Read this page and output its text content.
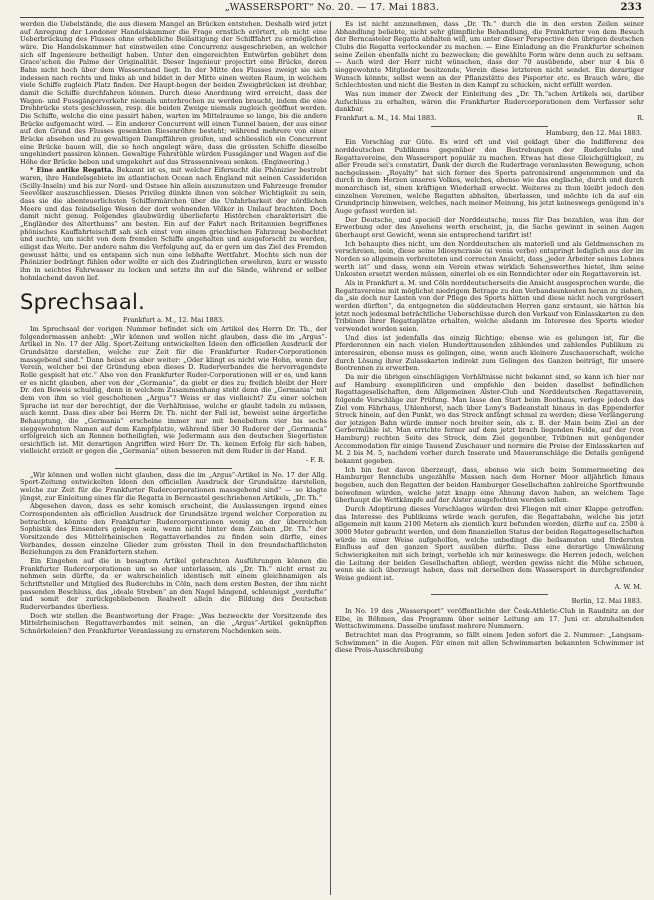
„WASSERSPORT“ No. 20. — 17. Mai 1883.	233

werden die Uebelstände, die aus diesem Mangel an Brücken entstehen. Deshalb wird jetzt auf Anregung der Londoner Handelskammer die Frage ernstlich erörtert, ob nicht eine Ueberbrückung des Flusses ohne erhebliche Beläsitigung der Schifffahrt zu ermöglichen wäre. Die Handelskammer hat einstweilen eine Concurrenz ausgeschrieben, an welcher sich elf Ingenieure betheiligt haben. Unter den eingereichten Entwürfen gebührt dem Grace'schen die Palme der Originalität. Dieser Ingenieur projectirt eine Brücke, deren Bahn nicht hoch über dem Wasserstand liegt. In der Mitte des Flusses zweigt sie sich indessen nach rechts und links ab und bildet in der Mitte einen weiten Raum, in welchem viele Schiffe zugleich Platz finden. Der Haupt-bogen der beiden Zweigbrücken ist drehbar, damit die Schiffe durchfahren können. Durch diese Anordnung wird erreicht, dass der Wagen- und Fussgängerverkehr niemals unterbrochen zu werden braucht, indem die eine Drehbrücke stets geschlossen, resp. die beiden Zweige niemals zugleich geöffnet werden. Die Schiffe, welche die eine passirt haben, warten im Mittelraume so lange, bis die andere Brücke aufgemacht wird. — Ein anderer Concurrent will einen Tunnel bauen, der aus einer auf den Grund des Flusses gesenkten Riesenröhre besteht; während mehrere von einer Brücke absehen und zu gewaltigen Dampffähren greifen, und schliesslich ein Concurrent eine Brücke bauen will, die so hoch angelegt wäre, dass die grössten Schiffe dieselbe ungehindert passiren können. Gewaltige Fahrstühle würden Fussgänger und Wagen auf die Höhe der Brücke heben und umgekehrt auf das Strassenniveau senken. (Engineering.)

* Eine antike Regatta. Bekannt ist es, mit welcher Eifersucht die Phönizier bestrebt waren, ihre Handelsgebiete im atlantischen Ocean nach England mit seinen Cassideriden (Scilly-Inseln) und bis zur Nord- und Ostsee hin allein auszunutzen und Fahrzeuge fremder Seevölker auszuschliessen. Dieses Privileg dünkte ihnen von solcher Wichtigkeit zu sein, dass sie die abenteuerlichsten Schiffermärchen über die Unfahrbarkeit der nördlichen Meere und das feindselige Wesen der dort wohnenden Völker in Umlauf brachten. Doch damit nicht genug. Folgendes glaubwürdig überlieferte Histörchen charakterisirt die „Engländer des Alterthums“ am besten. Ein auf der Fahrt nach Britannien begriffenes phönisches Kauffahrteischiff sah sich einst von einem griechischen Fahrzeug beobachtet und suchte, um nicht von dem fremden Schiffe angehalten und ausgeforscht zu werden, eiligst das Weite. Der andere nahm die Verfolgung auf, da er gern um das Ziel des Fremden gewusst hätte, und es entspann sich nun eine lebhafte Wettfahrt. Mochte sich nun der Phönizier bedrängt fühlen oder wollte er sich des Zudringlichen erwehren, kurz er wusste ihn in seichtes Fahrwasser zu locken und setzte ihn auf die Sände, während er selber hohnlachend davon lief.

Sprechsaal.
Frankfurt a. M., 12. Mai 1883.

Im Sprechsaal der vorigen Nummer befindet sich ein Artikel des Herrn Dr. Th., der folgendermassen anhebt: „Wir können und wollen nicht glauben, dass die im „Argus“-Artikel in No. 17 der Allg. Sport-Zeitung entwickelten Ideen den officiellen Ausdruck der Grundsätze darstellen, welche zur Zeit für die Frankfurter Ruder-Corporationen massgebend sind.“ Dann heisst es aber weiter: „Oder klingt es nicht wie Hohn, wenn der Verein, welcher bei der Gründung eben dieses D. Ruderverbandes die hervorragendste Rolle gespielt hat etc.“ Also von den Frankfurter Ruder-Corporationen will er es, und kann er es nicht glauben, aber von der „Germania“, da giebt er dies zu; freilich bleibt der Herr Dr. den Beweis schuldig, denn in welchem Zusammenhang steht denn die „Germania“ mit dem von ihm so viel gescholtenen „Argus“? Weiss er das vielleicht? Zu einer solchen Sprache ist nur der berechtigt, der die Verhältnisse, welche er glaubt tadeln zu müssen, auch kennt. Dass dies aber bei Herrn Dr. Th. nicht der Fall ist, beweist seine ärgerliche Behauptung, die „Germania“ erscheine immer nur mit benebeltem vier bis sechs sieggewohnten Namen auf dem Kampfplatze, während über 30 Ruderer der „Germania“ erfolgreich sich an Rennen betheiligten, wie Jedermann aus den deutschen Siegerlisten ersichtlich ist. Mit derartigen Angriffen wird Herr Dr. Th. keinen Erfolg für sich haben, vielleicht erzielt er gegen die „Germania“ einen besseren mit dem Ruder in der Hand.

- F. R.

„Wir können und wollen nicht glauben, dass die im „Argus“-Artikel in No. 17 der Allg. Sport-Zeitung entwickelten Ideen den officiellen Ausdruck der Grundsätze darstellen, welche zur Zeit für die Frankfurter Rudercorporationen massgebend sind“ — so klagte jüngst, zur Einleitung eines für die Regatta in Berncastel geschriebenen Artikels, „Dr. Th.“

Abgesehen davon, dass es sehr komisch erscheint, die Auslassungen irgend eines Correspondenten als officiellen Ausdruck der Grundsätze irgend welcher Corporation zu betrachten, könnte den Frankfurter Rudercorporationen wenig an der überreichen Sophistik des Einsenders gelegen sein, wenn nicht hinter dem Zeichen „Dr. Th.“ der Vorsitzende des Mittelrheinischen Regattaverbandes zu finden sein dürfte, eines Verbandes, dessen einzelne Glieder zum grössten Theil in den freundschaftlichsten Beziehungen zu den Frankfortern stehen.

Ein Eingehen auf die in besagtem Artikel gebrachten Ausführungen können die Frankfurter Rudercorporationen um so eher unterlassen, als „Dr. Th.“ nicht ernst zu nehmen sein dürfte, da er wahrscheinlich identisch mit einem gleichnamigen als Schriftsteller und Mitglied des Ruderclubs in Cöln, nach dem ersten Besten, der ihm nicht passenden Beschluss, das „ideale Streben“ an den Nagel hängend, schleunigst „verdufte“ und somit der zurückgebliebenen Realwelt allein die Bildung des Deutschen Ruderverbandes überliess.

Doch wir stellen die Beantwortung der Frage: „Was bezweckte der Vorsitzende des Mittelrheinischen Regattaverbandes mit seinen, an die „Argus“-Artikel geknüpften Schnörkeleien? den Frankfurter Veranlassung zu ernsterem Nachdenken sein.

Es ist nicht anzunehmen, dass „Dr. Th.“ durch die in den ersten Zeilen seiner Abhandlung beliebte, nicht sehr glimpfliche Behandlung, die Frankfurter von dem Besuch der Berncasteler Regatta abhalten will, um unter dieser Perspective den übrigen deutschen Clubs die Regatta verlockender zu machen. — Eine Einladung an die Frankfurter scheinen seine Zeilen ebenfalls nicht zu bezwecken; die gewählte Form wäre denn auch zu seltsam. — Auch wird der Herr nicht wünschen, dass der 70 ausübende, aber nur 4 bis 6 sieggewohnte Mitglieder besitzende, Verein diese letzteren nicht sendet. Ein derartiger Wunsch könnte, selbst wenn an der Pflanzstätte des Pisporter etc. es Brauch wäre, die Schlechtesten und nicht die Besten in den Kampf zu schicken, nicht erfüllt werden.

Was nun immer der Zweck der Einleitung des „Dr. Th.“schen Artikels sei, darüber Aufschluss zu erhalten, wären die Frankfurter Rudercorporationen dem Verfasser sehr dankbar.

Frankfurt a. M., 14. Mai 1883.	R.
Hamburg, den 12. Mai 1883.

Ein Vorschlag zur Güte. Es wird oft und viel geklagt über die Indifferenz des norddeutschen Publikums gegenüber den Bestrebungen der Ruderclubs und Regattavereine, den Wassersport populär zu machen. Etwas hat diese Gleichgültigkeit, zu aller Freude sei's constatirt, Dank der durch die Ruderfrage veranlassten Bewegung, schon nachgelassen: „Royalty“ hat sich ferner des Sports patronisirend angenommen und da durch in dem Herzen unseres Volkes, welches, ebenso wie das englische, durch und durch monarchisch ist, einen kräftigen Wiederhall erweckt. Weiteres zu thun bleibt jedoch den einzelnen Vereinen, welche Regatten abhalten, überlassen, und möchte ich da auf ein Grundprincip hinweisen, welches, nach meiner Meinung, bis jetzt keineswegs genügend in's Auge gefasst worden ist.

Der Deutsche, und speciell der Norddeutsche, muss für Das bezahlen, was ihm der Erwerbung oder des Ansehens werth erscheint, ja, die Sache gewinnt in seinen Augen überhaupt erst Gewicht, wenn sie entsprechend tarifirt ist!

Ich behaupte dies nicht, um den Norddeutschen als materiell und als Geldmenschen zu verschreien, nein, diese seine Idiosyncrasie (si venia verbo) entspringt lediglich aus der im Norden so allgemein verbreiteten und correcten Ansicht, dass „jeder Arbeiter seines Lohnes werth ist“ und dass, wenn ein Verein etwas wirklich Sehenswerthes bietet, ihm seine Unkosten ersetzt werden müssen, einerlei ob es ein Renndichter oder ein Regattaverein ist.

Als in Frankfurt a. M. und Cöln norddeutscherseits die Ansicht ausgesprochen wurde, die Regattavereine mit möglichst niedrigem Betrage zu den Verbandsunkosten heran zu ziehen, da „sie doch nur Lasten von der Pflege des Sports hätten und diese nicht noch vergrössert werden dürften“, da entgegneten die süddeutschen Herren ganz erstaunt, sie hätten bis jetzt noch jedesmal beträchtliche Ueberschüsse durch den Verkauf von Einlasskarten zu den Tribünen ihrer Regattaplätze erhalten, welche alsdann im Interesse des Sports wieder verwendet worden seien.

Und dies ist jedenfalls das einzig Richtige: ebenso wie es gelungen ist, für die Pferderennen ein nach vielen Hunderttausenden zählendes und zahlendes Publikum zu interessiren, ebenso muss es gelingen, eine, wenn auch kleinere Zuschauerschaft, welche durch Lösung ihrer Zulasskarten indirekt zum Gelingen des Ganzen beiträgt, für unsere Bootrennen zu erwerben.

Da mir die übrigen einschlägigen Verhältnisse nicht bekannt sind, so kann ich hier nur auf Hamburg exemplificiren und empfehle den beiden daselbst befindlichen Regattagesellschaften, dem Allgemeinen Alster-Club und Norddeutschen Regattaverein, folgende Vorschläge zur Prüfung. Man lasse den Start beim Boothaus, verlege jedoch das Ziel vom Fährhaus, Uhlenhorst, nach über Lony's Badeanstalt hinaus in das Eppendorfer Streck hinein, auf den Punkt, wo das Streck anfängt schmal zu werden; diese Verlängerung der jetzigen Bahn würde immer noch breiter sein, als z. B. der Main beim Ziel an der Gerbermühle ist. Man errichte ferner auf dem jetzt brach liegenden Felde, auf der (von Hamburg) rechten Seite des Streck, dem Ziel gegenüber, Tribünen mit genügender Accommodation für einige Tausend Zuschauer und normire die Preise der Einlasskarten auf M. 2 bis M. 5, nachdem vorher durch Inserate und Maueranschläge die Details genügend bekannt gegeben.

Ich bin fest davon überzeugt, dass, ebenso wie sich beim Sommermeeting des Hamburger Rennclubs ungezählte Massen nach dem Horner Moor alljährlich hinaus begeben, auch den Regatten der beiden Hamburger Gesellschaften zahlreiche Sportfreunde beiwohnen würden, welche jetzt knapp eine Ahnung davon haben, an welchem Tage überhaupt die Wettkämpfe auf der Alster ausgefochten werden sollen.

Durch Adoptirung dieses Vorschlages würden drei Fliegen mit einer Klappe getroffen: das Interesse des Publikums würde wach gerufen, die Regattabahn, welche bis jetzt allgemein mit kaum 2100 Metern als ziemlich kurz befunden worden, dürfte auf ca. 2500 à 3000 Meter gebracht werden, und dem finanziellen Status der beiden Regattegesellschaften würde in einer Weise aufgeholfen, welche unbedingt die heilsamsten und fördersten Einfluss auf den ganzen Sport ausüben dürfte. Dass eine derartige Umwälzung Schwierigkeiten mit sich bringt, verhehle ich mir keineswegs: die Herren jedoch, welchen die Leitung der beiden Gesellschaften obliegt, werden gewiss nicht die Mühe scheuen, wenn sie sich überzeugt haben, dass mit derselben dem Wassersport in durchgreifender Weise gedient ist.

A. W. M.
Berlin, 12. Mai 1883.

In No. 19 des „Wassersport“ veröffentlichte der Česk-Athletic-Club in Raudnitz an der Elbe, in Böhmen, das Programm über seiner Leitung am 17. Juni cr. abzuhaltenden Wettschwimmens. Dasselbe umfasst mehrere Nummern.

Betrachtet man das Programm, so fällt einem Jeden sofort die 2. Nummer: „Langsam-Schwimmen“ in die Augen. Für einen mit allen Schwimmarten bekannten Schwimmer ist diese Preis-Ausschreibung
